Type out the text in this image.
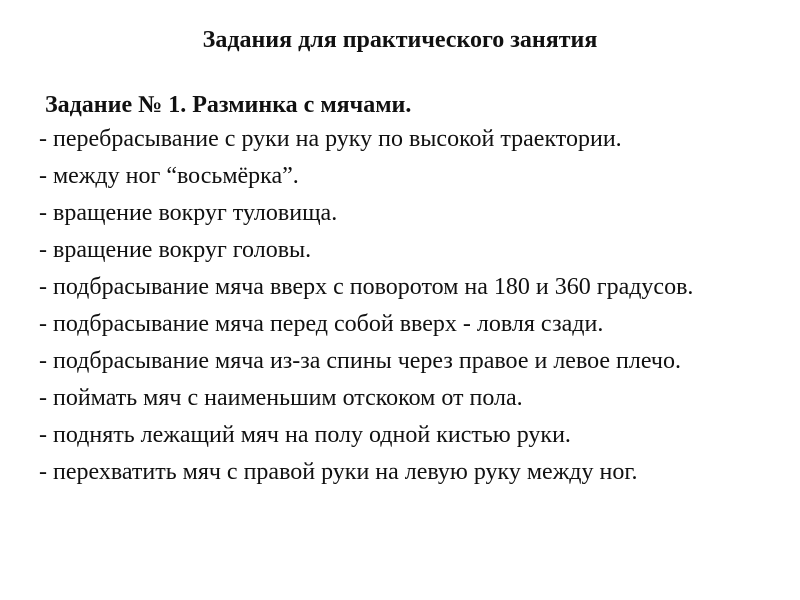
Задания для практического занятия
Задание № 1. Разминка с мячами.
- перебрасывание с руки на руку по высокой траектории.
- между ног “восьмёрка”.
- вращение вокруг туловища.
- вращение вокруг головы.
- подбрасывание мяча вверх с поворотом на 180 и 360 градусов.
- подбрасывание мяча перед собой вверх - ловля сзади.
- подбрасывание мяча из-за спины через правое и левое плечо.
- поймать мяч с наименьшим отскоком от пола.
- поднять лежащий мяч на полу одной кистью руки.
- перехватить мяч с правой руки на левую руку между ног.
